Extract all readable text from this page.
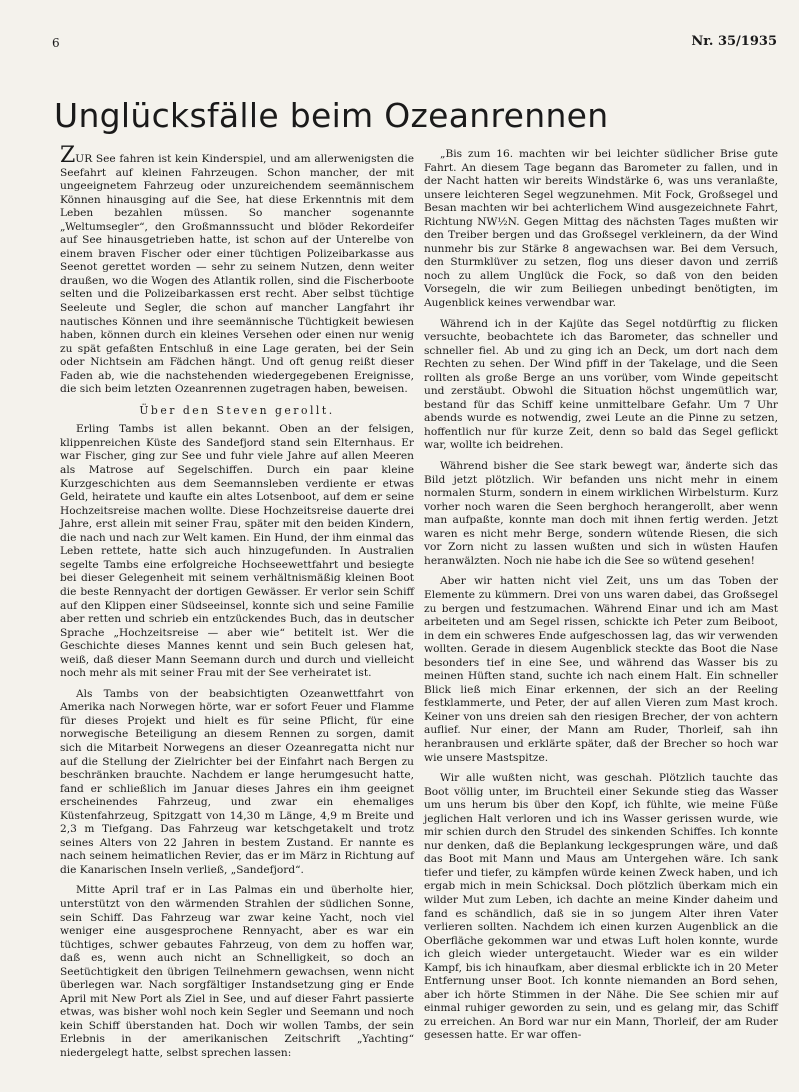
6	Nr. 35/1935
Unglücksfälle beim Ozeanrennen

ZUR See fahren ist kein Kinderspiel, und am allerwenigsten die Seefahrt auf kleinen Fahrzeugen. Schon mancher, der mit ungeeignetem Fahrzeug oder unzureichendem seemännischem Können hinausging auf die See, hat diese Erkenntnis mit dem Leben bezahlen müssen. So mancher sogenannte „Weltumsegler“, den Großmannssucht und blöder Rekordeifer auf See hinausgetrieben hatte, ist schon auf der Unterelbe von einem braven Fischer oder einer tüchtigen Polizeibarkasse aus Seenot gerettet worden — sehr zu seinem Nutzen, denn weiter draußen, wo die Wogen des Atlantik rollen, sind die Fischerboote selten und die Polizeibarkassen erst recht. Aber selbst tüchtige Seeleute und Segler, die schon auf mancher Langfahrt ihr nautisches Können und ihre seemännische Tüchtigkeit bewiesen haben, können durch ein kleines Versehen oder einen nur wenig zu spät gefaßten Entschluß in eine Lage geraten, bei der Sein oder Nichtsein am Fädchen hängt. Und oft genug reißt dieser Faden ab, wie die nachstehenden wiedergegebenen Ereignisse, die sich beim letzten Ozeanrennen zugetragen haben, beweisen.

Über den Steven gerollt.

Erling Tambs ist allen bekannt. Oben an der felsigen, klippenreichen Küste des Sandefjord stand sein Elternhaus. Er war Fischer, ging zur See und fuhr viele Jahre auf allen Meeren als Matrose auf Segelschiffen. Durch ein paar kleine Kurzgeschichten aus dem Seemannsleben verdiente er etwas Geld, heiratete und kaufte ein altes Lotsenboot, auf dem er seine Hochzeitsreise machen wollte. Diese Hochzeitsreise dauerte drei Jahre, erst allein mit seiner Frau, später mit den beiden Kindern, die nach und nach zur Welt kamen. Ein Hund, der ihm einmal das Leben rettete, hatte sich auch hinzugefunden. In Australien segelte Tambs eine erfolgreiche Hochseewettfahrt und besiegte bei dieser Gelegenheit mit seinem verhältnismäßig kleinen Boot die beste Rennyacht der dortigen Gewässer. Er verlor sein Schiff auf den Klippen einer Südseeinsel, konnte sich und seine Familie aber retten und schrieb ein entzückendes Buch, das in deutscher Sprache „Hochzeitsreise — aber wie“ betitelt ist. Wer die Geschichte dieses Mannes kennt und sein Buch gelesen hat, weiß, daß dieser Mann Seemann durch und durch und vielleicht noch mehr als mit seiner Frau mit der See verheiratet ist.

Als Tambs von der beabsichtigten Ozeanwettfahrt von Amerika nach Norwegen hörte, war er sofort Feuer und Flamme für dieses Projekt und hielt es für seine Pflicht, für eine norwegische Beteiligung an diesem Rennen zu sorgen, damit sich die Mitarbeit Norwegens an dieser Ozeanregatta nicht nur auf die Stellung der Zielrichter bei der Einfahrt nach Bergen zu beschränken brauchte. Nachdem er lange herumgesucht hatte, fand er schließlich im Januar dieses Jahres ein ihm geeignet erscheinendes Fahrzeug, und zwar ein ehemaliges Küstenfahrzeug, Spitzgatt von 14,30 m Länge, 4,9 m Breite und 2,3 m Tiefgang. Das Fahrzeug war ketschgetakelt und trotz seines Alters von 22 Jahren in bestem Zustand. Er nannte es nach seinem heimatlichen Revier, das er im März in Richtung auf die Kanarischen Inseln verließ, „Sandefjord“.

Mitte April traf er in Las Palmas ein und überholte hier, unterstützt von den wärmenden Strahlen der südlichen Sonne, sein Schiff. Das Fahrzeug war zwar keine Yacht, noch viel weniger eine ausgesprochene Rennyacht, aber es war ein tüchtiges, schwer gebautes Fahrzeug, von dem zu hoffen war, daß es, wenn auch nicht an Schnelligkeit, so doch an Seetüchtigkeit den übrigen Teilnehmern gewachsen, wenn nicht überlegen war. Nach sorgfältiger Instandsetzung ging er Ende April mit New Port als Ziel in See, und auf dieser Fahrt passierte etwas, was bisher wohl noch kein Segler und Seemann und noch kein Schiff überstanden hat. Doch wir wollen Tambs, der sein Erlebnis in der amerikanischen Zeitschrift „Yachting“ niedergelegt hatte, selbst sprechen lassen:

„Bis zum 16. machten wir bei leichter südlicher Brise gute Fahrt. An diesem Tage begann das Barometer zu fallen, und in der Nacht hatten wir bereits Windstärke 6, was uns veranlaßte, unsere leichteren Segel wegzunehmen. Mit Fock, Großsegel und Besan machten wir bei achterlichem Wind ausgezeichnete Fahrt, Richtung NW½N. Gegen Mittag des nächsten Tages mußten wir den Treiber bergen und das Großsegel verkleinern, da der Wind nunmehr bis zur Stärke 8 angewachsen war. Bei dem Versuch, den Sturmklüver zu setzen, flog uns dieser davon und zerriß noch zu allem Unglück die Fock, so daß von den beiden Vorsegeln, die wir zum Beiliegen unbedingt benötigten, im Augenblick keines verwendbar war.

Während ich in der Kajüte das Segel notdürftig zu flicken versuchte, beobachtete ich das Barometer, das schneller und schneller fiel. Ab und zu ging ich an Deck, um dort nach dem Rechten zu sehen. Der Wind pfiff in der Takelage, und die Seen rollten als große Berge an uns vorüber, vom Winde gepeitscht und zerstäubt. Obwohl die Situation höchst ungemütlich war, bestand für das Schiff keine unmittelbare Gefahr. Um 7 Uhr abends wurde es notwendig, zwei Leute an die Pinne zu setzen, hoffentlich nur für kurze Zeit, denn so bald das Segel geflickt war, wollte ich beidrehen.

Während bisher die See stark bewegt war, änderte sich das Bild jetzt plötzlich. Wir befanden uns nicht mehr in einem normalen Sturm, sondern in einem wirklichen Wirbelsturm. Kurz vorher noch waren die Seen berghoch herangerollt, aber wenn man aufpaßte, konnte man doch mit ihnen fertig werden. Jetzt waren es nicht mehr Berge, sondern wütende Riesen, die sich vor Zorn nicht zu lassen wußten und sich in wüsten Haufen heranwälzten. Noch nie habe ich die See so wütend gesehen!

Aber wir hatten nicht viel Zeit, uns um das Toben der Elemente zu kümmern. Drei von uns waren dabei, das Großsegel zu bergen und festzumachen. Während Einar und ich am Mast arbeiteten und am Segel rissen, schickte ich Peter zum Beiboot, in dem ein schweres Ende aufgeschossen lag, das wir verwenden wollten. Gerade in diesem Augenblick steckte das Boot die Nase besonders tief in eine See, und während das Wasser bis zu meinen Hüften stand, suchte ich nach einem Halt. Ein schneller Blick ließ mich Einar erkennen, der sich an der Reeling festklammerte, und Peter, der auf allen Vieren zum Mast kroch. Keiner von uns dreien sah den riesigen Brecher, der von achtern auflief. Nur einer, der Mann am Ruder, Thorleif, sah ihn heranbrausen und erklärte später, daß der Brecher so hoch war wie unsere Mastspitze.

Wir alle wußten nicht, was geschah. Plötzlich tauchte das Boot völlig unter, im Bruchteil einer Sekunde stieg das Wasser um uns herum bis über den Kopf, ich fühlte, wie meine Füße jeglichen Halt verloren und ich ins Wasser gerissen wurde, wie mir schien durch den Strudel des sinkenden Schiffes. Ich konnte nur denken, daß die Beplankung leckgesprungen wäre, und daß das Boot mit Mann und Maus am Untergehen wäre. Ich sank tiefer und tiefer, zu kämpfen würde keinen Zweck haben, und ich ergab mich in mein Schicksal. Doch plötzlich überkam mich ein wilder Mut zum Leben, ich dachte an meine Kinder daheim und fand es schändlich, daß sie in so jungem Alter ihren Vater verlieren sollten. Nachdem ich einen kurzen Augenblick an die Oberfläche gekommen war und etwas Luft holen konnte, wurde ich gleich wieder untergetaucht. Wieder war es ein wilder Kampf, bis ich hinaufkam, aber diesmal erblickte ich in 20 Meter Entfernung unser Boot. Ich konnte niemanden an Bord sehen, aber ich hörte Stimmen in der Nähe. Die See schien mir auf einmal ruhiger geworden zu sein, und es gelang mir, das Schiff zu erreichen. An Bord war nur ein Mann, Thorleif, der am Ruder gesessen hatte. Er war offen-
